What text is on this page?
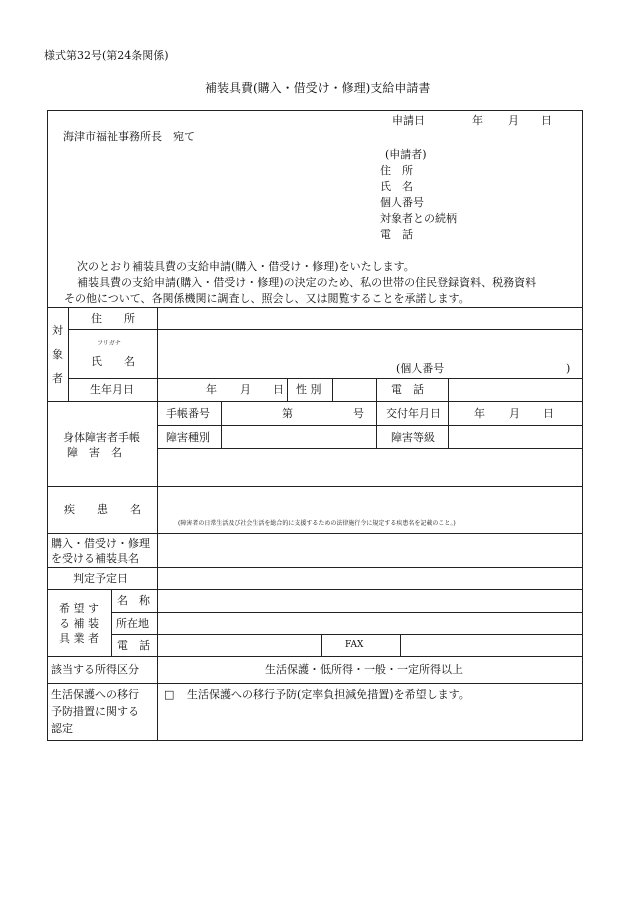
様式第32号(第24条関係)
補装具費(購入・借受け・修理)支給申請書
申請日	年 月 日
海津市福祉事務所長　宛て
(申請者)
住　所
氏　名
個人番号
対象者との続柄
電　話
次のとおり補装具費の支給申請(購入・借受け・修理)をいたします。
補装具費の支給申請(購入・借受け・修理)の決定のため、私の世帯の住民登録資料、税務資料
その他について、各関係機関に調査し、照会し、又は閲覧することを承諾します。
対
象
者
住　　所
フリガナ
氏　　名
(個人番号	)
生年月日	年 月 日 性 別	電　話
身体障害者手帳
障　害　名
手帳番号	第	号 交付年月日	年 月 日
障害種別	障害等級
疾　　患　　名
(障害者の日常生活及び社会生活を総合的に支援するための法律施行令に規定する疾患名を記載のこと。)
購入・借受け・修理
を受ける補装具名
判定予定日
希 望 す
る 補 装
具 業 者
名　称
所在地
電　話	FAX
該当する所得区分	生活保護・低所得・一般・一定所得以上
生活保護への移行
予防措置に関する
認定
□ 生活保護への移行予防(定率負担減免措置)を希望します。
